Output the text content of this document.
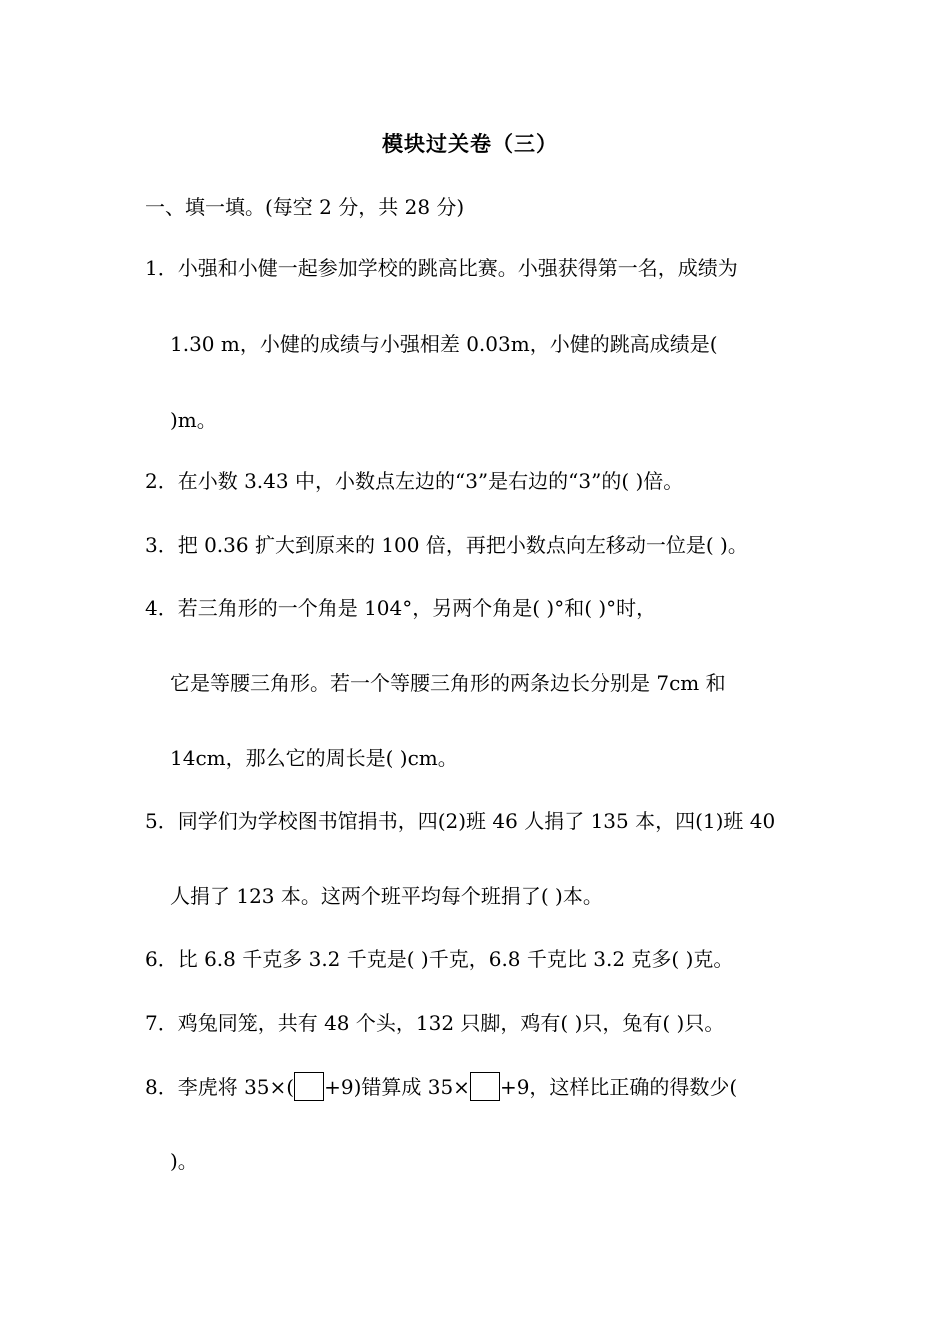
模块过关卷（三）
一、填一填。(每空 2 分，共 28 分)
1．小强和小健一起参加学校的跳高比赛。小强获得第一名，成绩为
1.30 m，小健的成绩与小强相差 0.03m，小健的跳高成绩是(
)m。
2．在小数 3.43 中，小数点左边的“3”是右边的“3”的( )倍。
3．把 0.36 扩大到原来的 100 倍，再把小数点向左移动一位是( )。
4．若三角形的一个角是 104°，另两个角是( )°和( )°时，
它是等腰三角形。若一个等腰三角形的两条边长分别是 7cm 和
14cm，那么它的周长是( )cm。
5．同学们为学校图书馆捐书，四(2)班 46 人捐了 135 本，四(1)班 40
人捐了 123 本。这两个班平均每个班捐了( )本。
6．比 6.8 千克多 3.2 千克是( )千克，6.8 千克比 3.2 克多( )克。
7．鸡兔同笼，共有 48 个头，132 只脚，鸡有( )只，兔有( )只。
8．李虎将 35×( +9)错算成 35× +9，这样比正确的得数少(
)。
